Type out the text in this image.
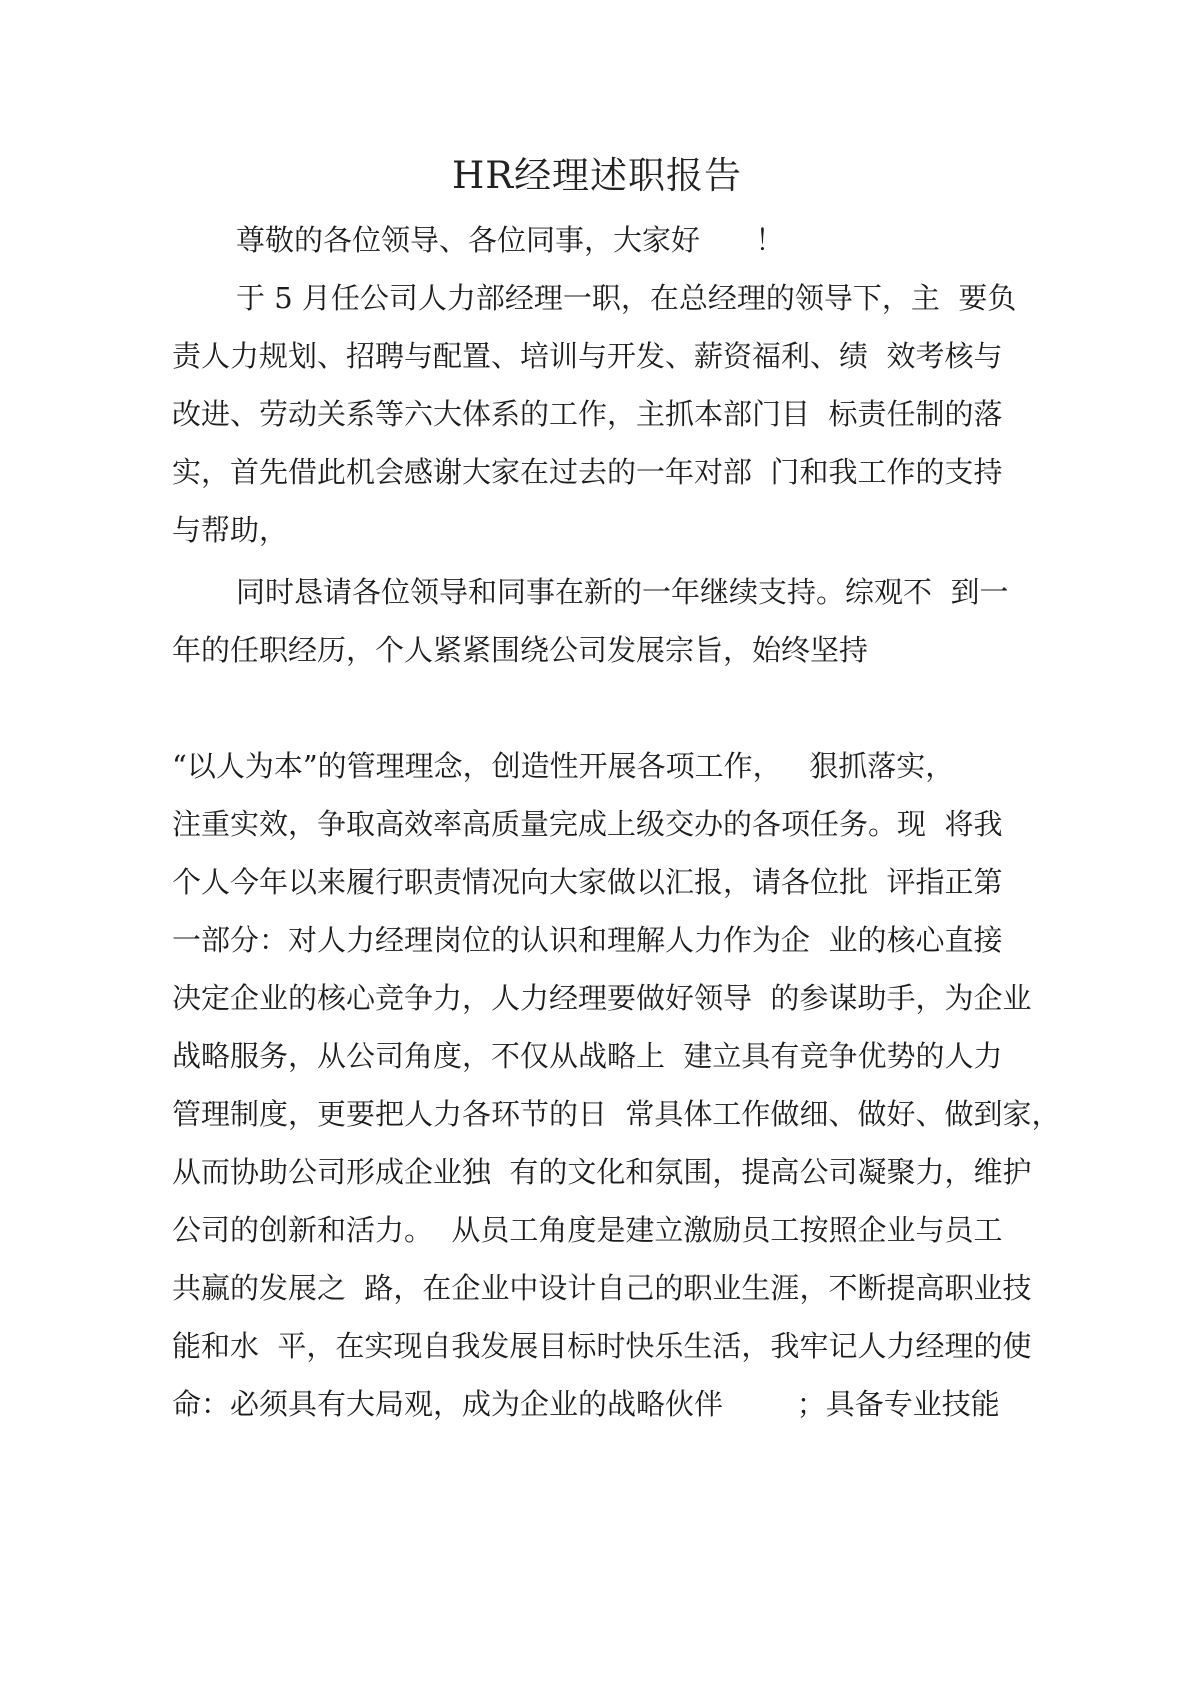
HR经理述职报告
尊敬的各位领导、各位同事，大家好      ！
于 5 月任公司人力部经理一职，在总经理的领导下，主  要负
责人力规划、招聘与配置、培训与开发、薪资福利、绩  效考核与
改进、劳动关系等六大体系的工作，主抓本部门目  标责任制的落
实，首先借此机会感谢大家在过去的一年对部  门和我工作的支持
与帮助，
同时恳请各位领导和同事在新的一年继续支持。综观不  到一
年的任职经历，个人紧紧围绕公司发展宗旨，始终坚持
“以人为本”的管理理念，创造性开展各项工作，   狠抓落实，
注重实效，争取高效率高质量完成上级交办的各项任务。现  将我
个人今年以来履行职责情况向大家做以汇报，请各位批  评指正第
一部分：对人力经理岗位的认识和理解人力作为企  业的核心直接
决定企业的核心竞争力，人力经理要做好领导  的参谋助手，为企业
战略服务，从公司角度，不仅从战略上  建立具有竞争优势的人力
管理制度，更要把人力各环节的日  常具体工作做细、做好、做到家，
从而协助公司形成企业独  有的文化和氛围，提高公司凝聚力，维护
公司的创新和活力。  从员工角度是建立激励员工按照企业与员工
共赢的发展之  路，在企业中设计自己的职业生涯，不断提高职业技
能和水  平，在实现自我发展目标时快乐生活，我牢记人力经理的使
命：必须具有大局观，成为企业的战略伙伴        ；具备专业技能
